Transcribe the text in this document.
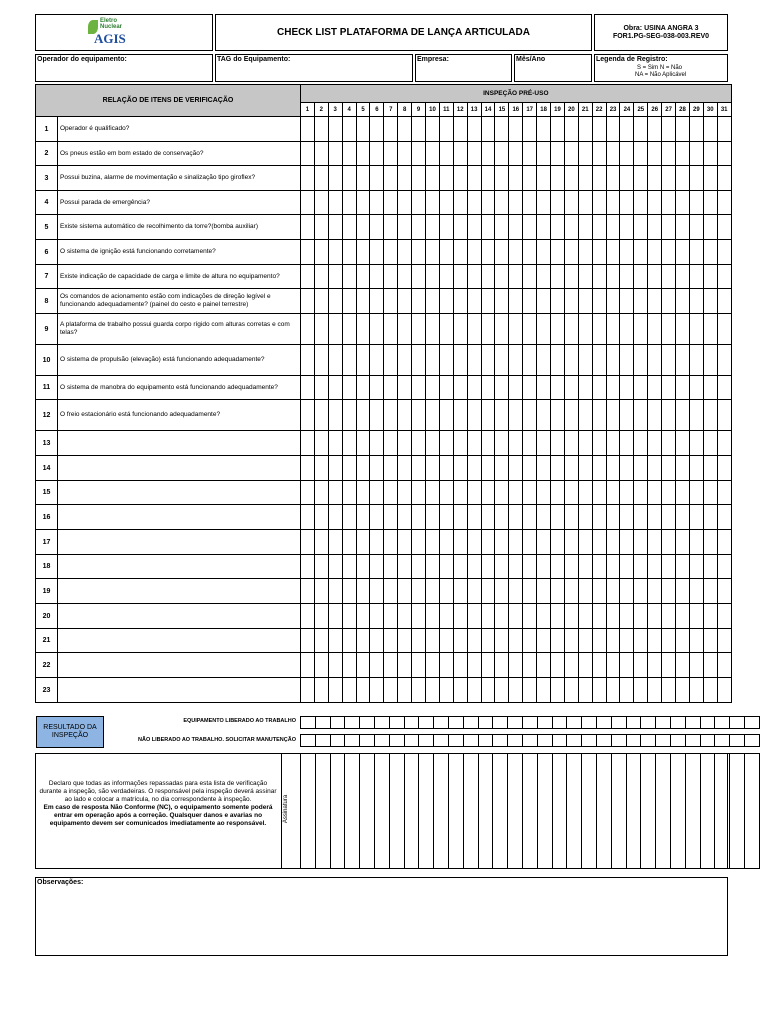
Eletro
Nuclear
AGIS	CHECK LIST PLATAFORMA DE LANÇA ARTICULADA	Obra: USINA ANGRA 3
FOR1.PG-SEG-038-003.REV0
Operador do equipamento:	TAG do Equipamento:	Empresa:	Mês/Ano	Legenda de Registro:
S = Sim N = Não
NA = Não Aplicável
RELAÇÃO DE ITENS DE VERIFICAÇÃO		INSPEÇÃO PRÉ-USO																														
		1	2	3	4	5	6	7	8	9	10	11	12	13	14	15	16	17	18	19	20	21	22	23	24	25	26	27	28	29	30	31
1	Operador é qualificado?																															
2	Os pneus estão em bom estado de conservação?																															
3	Possui buzina, alarme de movimentação e sinalização tipo giroflex?																															
4	Possui parada de emergência?																															
5	Existe sistema automático de recolhimento da torre?(bomba auxiliar)																															
6	O sistema de ignição está funcionando corretamente?																															
7	Existe indicação de capacidade de carga e limite de altura no equipamento?																															
8	Os comandos de acionamento estão com indicações de direção legível e funcionando adequadamente? (painel do cesto e painel terrestre)																															
9	A plataforma de trabalho possui guarda corpo rígido com alturas corretas e com telas?																															
10	O sistema de propulsão (elevação) está funcionando adequadamente?																															
11	O sistema de manobra do equipamento está funcionando adequadamente?																															
12	O freio estacionário está funcionando adequadamente?																															
13																																
14																																
15																																
16																																
17																																
18																																
19																																
20																																
21																																
22																																
23																																
RESULTADO DA INSPEÇÃO

EQUIPAMENTO LIBERADO AO TRABALHO
NÃO LIBERADO AO TRABALHO. SOLICITAR MANUTENÇÃO
Declaro que todas as informações repassadas para esta lista de verificação durante a inspeção, são verdadeiras. O responsável pela inspeção deverá assinar ao lado e colocar a matrícula, no dia correspondente à inspeção.
Em caso de resposta Não Conforme (NC), o equipamento somente poderá entrar em operação após a correção. Qualsquer danos e avarias no equipamento devem ser comunicados imediatamente ao responsável.
Assinatura

Observações:
